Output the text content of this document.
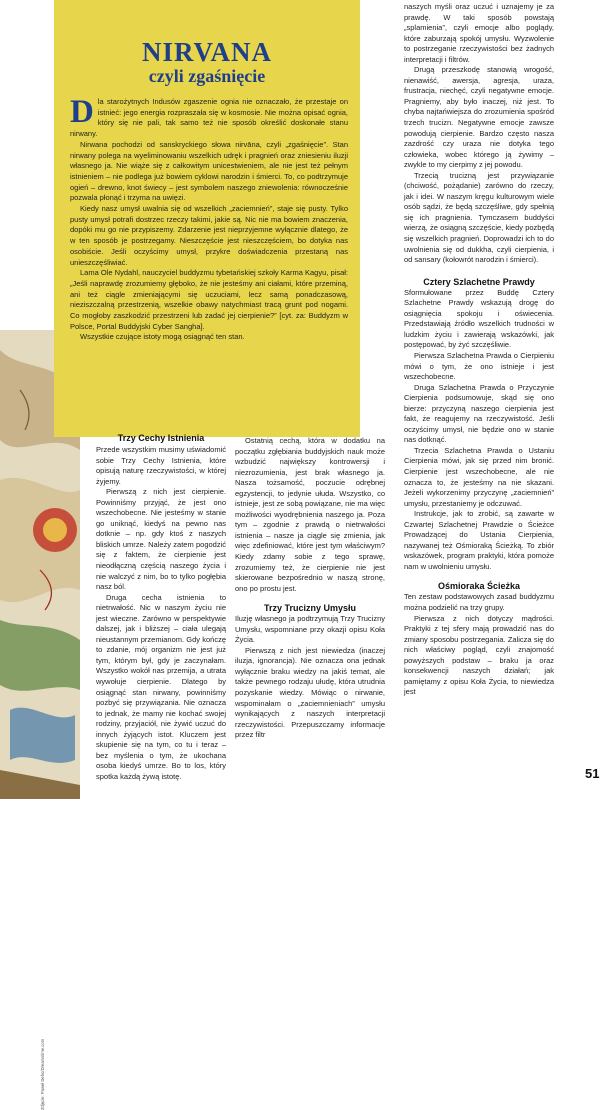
Zdjęcie: Paweł Deho/Dreamstime.com
NIRVANA
czyli zgaśnięcie

Dla starożytnych Indusów zgaszenie ognia nie oznaczało, że przestaje on istnieć: jego energia rozpraszała się w kosmosie. Nie można opisać ognia, który się nie pali, tak samo też nie sposób określić doskonałe stanu nirwany.

Nirwana pochodzi od sanskryckiego słowa nirvāna, czyli „zgaśnięcie”. Stan nirwany polega na wyeliminowaniu wszelkich udręk i pragnień oraz zniesieniu iluzji własnego ja. Nie wiąże się z całkowitym unicestwieniem, ale nie jest też pełnym istnieniem – nie podlega już bowiem cyklowi narodzin i śmierci. To, co podtrzymuje ogień – drewno, knot świecy – jest symbolem naszego zniewolenia: równocześnie pozwala płonąć i trzyma na uwięzi.

Kiedy nasz umysł uwalnia się od wszelkich „zaciemnień”, staje się pusty. Tylko pusty umysł potrafi dostrzec rzeczy takimi, jakie są. Nic nie ma bowiem znaczenia, dopóki mu go nie przypiszemy. Zdarzenie jest nieprzyjemne wyłącznie dlatego, że w ten sposób je postrzegamy. Nieszczęście jest nieszczęściem, bo dotyka nas osobiście. Jeśli oczyścimy umysł, przykre doświadczenia przestaną nas unieszczęśliwiać.

Lama Ole Nydahl, nauczyciel buddyzmu tybetańskiej szkoły Karma Kagyu, pisał: „Jeśli naprawdę zrozumiemy głęboko, że nie jesteśmy ani ciałami, które przeminą, ani też ciągle zmieniającymi się uczuciami, lecz samą ponadczasową, nieziszczalną przestrzenią, wszelkie obawy natychmiast tracą grunt pod nogami. Co mogłoby zaszkodzić przestrzeni lub zadać jej cierpienie?” [cyt. za: Buddyzm w Polsce, Portal Buddyjski Cyber Sangha].

Wszystkie czujące istoty mogą osiągnąć ten stan.

Trzy Cechy Istnienia

Przede wszystkim musimy uświadomić sobie Trzy Cechy Istnienia, które opisują naturę rzeczywistości, w której żyjemy.

Pierwszą z nich jest cierpienie. Powinniśmy przyjąć, że jest ono wszechobecne. Nie jesteśmy w stanie go uniknąć, kiedyś na pewno nas dotknie – np. gdy ktoś z naszych bliskich umrze. Należy zatem pogodzić się z faktem, że cierpienie jest nieodłączną częścią naszego życia i nie walczyć z nim, bo to tylko pogłębia nasz ból.

Druga cecha istnienia to nietrwałość. Nic w naszym życiu nie jest wieczne. Zarówno w perspektywie dalszej, jak i bliższej – ciała ulegają nieustannym przemianom. Gdy kończę to zdanie, mój organizm nie jest już tym, którym był, gdy je zaczynałam. Wszystko wokół nas przemija, a utrata wywołuje cierpienie. Dlatego by osiągnąć stan nirwany, powinniśmy pozbyć się przywiązania. Nie oznacza to jednak, że mamy nie kochać swojej rodziny, przyjaciół, nie żywić uczuć do innych żyjących istot. Kluczem jest skupienie się na tym, co tu i teraz – bez myślenia o tym, że ukochana osoba kiedyś umrze. Bo to los, który spotka każdą żywą istotę.

Ostatnią cechą, która w dodatku na początku zgłębiania buddyjskich nauk może wzbudzić największy kontrowersji i niezrozumienia, jest brak własnego ja. Nasza tożsamość, poczucie odrębnej egzystencji, to jedynie ułuda. Wszystko, co istnieje, jest ze sobą powiązane, nie ma więc możliwości wyodrębnienia naszego ja. Poza tym – zgodnie z prawdą o nietrwałości istnienia – nasze ja ciągle się zmienia, jak więc zdefiniować, które jest tym właściwym? Kiedy zdamy sobie z tego sprawę, zrozumiemy też, że cierpienie nie jest skierowane bezpośrednio w naszą stronę, ono po prostu jest.

Trzy Trucizny Umysłu

Iluzję własnego ja podtrzymują Trzy Trucizny Umysłu, wspomniane przy okazji opisu Koła Życia.

Pierwszą z nich jest niewiedza (inaczej iluzja, ignorancja). Nie oznacza ona jednak wyłącznie braku wiedzy na jakiś temat, ale także pewnego rodzaju ułudę, która utrudnia pozyskanie wiedzy. Mówiąc o nirwanie, wspominałam o „zaciemnieniach” umysłu wynikających z naszych interpretacji rzeczywistości. Przepuszczamy informacje przez filtr

naszych myśli oraz uczuć i uznajemy je za prawdę. W taki sposób powstają „splamienia”, czyli emocje albo poglądy, które zaburzają spokój umysłu. Wyzwolenie to postrzeganie rzeczywistości bez żadnych interpretacji i filtrów.

Drugą przeszkodę stanowią wrogość, nienawiść, awersja, agresja, uraza, frustracja, niechęć, czyli negatywne emocje. Pragniemy, aby było inaczej, niż jest. To chyba najtańwiejsza do zrozumienia spośród trzech trucizn. Negatywne emocje zawsze powodują cierpienie. Bardzo często nasza zazdrość czy uraza nie dotyka tego człowieka, wobec którego ją żywimy – zwykle to my cierpimy z jej powodu.

Trzecią trucizną jest przywiązanie (chciwość, pożądanie) zarówno do rzeczy, jak i idei. W naszym kręgu kulturowym wiele osób sądzi, że będą szczęśliwe, gdy spełnią się ich pragnienia. Tymczasem buddyści wierzą, że osiągną szczęście, kiedy pozbędą się wszelkich pragnień. Doprowadzi ich to do uwolnienia się od dukkha, czyli cierpienia, i od sansary (kołowrót narodzin i śmierci).

Cztery Szlachetne Prawdy

Sformułowane przez Buddę Cztery Szlachetne Prawdy wskazują drogę do osiągnięcia spokoju i oświecenia. Przedstawiają źródło wszelkich trudności w ludzkim życiu i zawierają wskazówki, jak postępować, by żyć szczęśliwie.

Pierwsza Szlachetna Prawda o Cierpieniu mówi o tym, że ono istnieje i jest wszechobecne.

Druga Szlachetna Prawda o Przyczynie Cierpienia podsumowuje, skąd się ono bierze: przyczyną naszego cierpienia jest fakt, że reagujemy na rzeczywistość. Jeśli oczyścimy umysł, nie będzie ono w stanie nas dotknąć.

Trzecia Szlachetna Prawda o Ustaniu Cierpienia mówi, jak się przed nim bronić. Cierpienie jest wszechobecne, ale nie oznacza to, że jesteśmy na nie skazani. Jeżeli wykorzenimy przyczynę „zaciemnień” umysłu, przestaniemy je odczuwać.

Instrukcje, jak to zrobić, są zawarte w Czwartej Szlachetnej Prawdzie o Ścieżce Prowadzącej do Ustania Cierpienia, nazywanej też Ośmioraką Ścieżką. To zbiór wskazówek, program praktyki, która pomoże nam w uwolnieniu umysłu.

Ośmioraka Ścieżka

Ten zestaw podstawowych zasad buddyzmu można podzielić na trzy grupy.

Pierwsza z nich dotyczy mądrości. Praktyki z tej sfery mają prowadzić nas do zmiany sposobu postrzegania. Zalicza się do nich właściwy pogląd, czyli znajomość powyższych podstaw – braku ja oraz konsekwencji naszych działań; jak pamiętamy z opisu Koła Życia, to niewiedza jest

51
